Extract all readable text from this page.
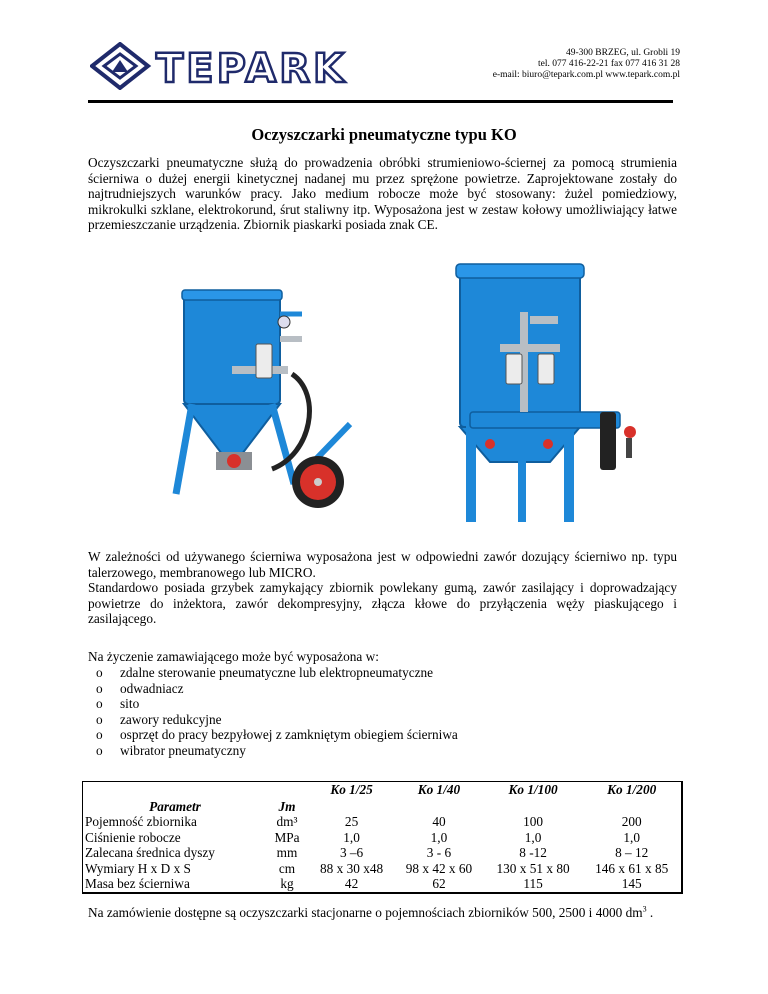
TEPARK	49-300 BRZEG, ul. Grobli 19
tel. 077 416-22-21 fax 077 416 31 28
e-mail: biuro@tepark.com.pl www.tepark.com.pl
Oczyszczarki pneumatyczne typu KO
Oczyszczarki pneumatyczne służą do prowadzenia obróbki strumieniowo-ściernej za pomocą strumienia ścierniwa o dużej energii kinetycznej nadanej mu przez sprężone powietrze. Zaprojektowane zostały do najtrudniejszych warunków pracy. Jako medium robocze może być stosowany: żużel pomiedziowy, mikrokulki szklane, elektrokorund, śrut staliwny itp. Wyposażona jest w zestaw kołowy umożliwiający łatwe przemieszczanie urządzenia. Zbiornik piaskarki posiada znak CE.
W zależności od używanego ścierniwa wyposażona jest w odpowiedni zawór dozujący ścierniwo np. typu talerzowego, membranowego lub MICRO.
Standardowo posiada grzybek zamykający zbiornik powlekany gumą, zawór zasilający i doprowadzający powietrze do inżektora, zawór dekompresyjny, złącza kłowe do przyłączenia węży piaskującego i zasilającego.
Na życzenie zamawiającego może być wyposażona w:
o	zdalne sterowanie pneumatyczne lub elektropneumatyczne
o	odwadniacz
o	sito
o	zawory redukcyjne
o	osprzęt do pracy bezpyłowej z zamkniętym obiegiem ścierniwa
o	wibrator pneumatyczny
Parametr	Jm	Ko 1/25	Ko 1/40	Ko 1/100	Ko 1/200
Pojemność zbiornika	dm³	25	40	100	200
Ciśnienie robocze	MPa	1,0	1,0	1,0	1,0
Zalecana średnica dyszy	mm	3 –6	3 - 6	8 -12	8 – 12
Wymiary H x D x S	cm	88 x 30 x48	98 x 42 x 60	130 x 51 x 80	146 x 61 x 85
Masa bez ścierniwa	kg	42	62	115	145
Na zamówienie dostępne są oczyszczarki stacjonarne o pojemnościach zbiorników 500, 2500 i 4000 $dm^3$ .
